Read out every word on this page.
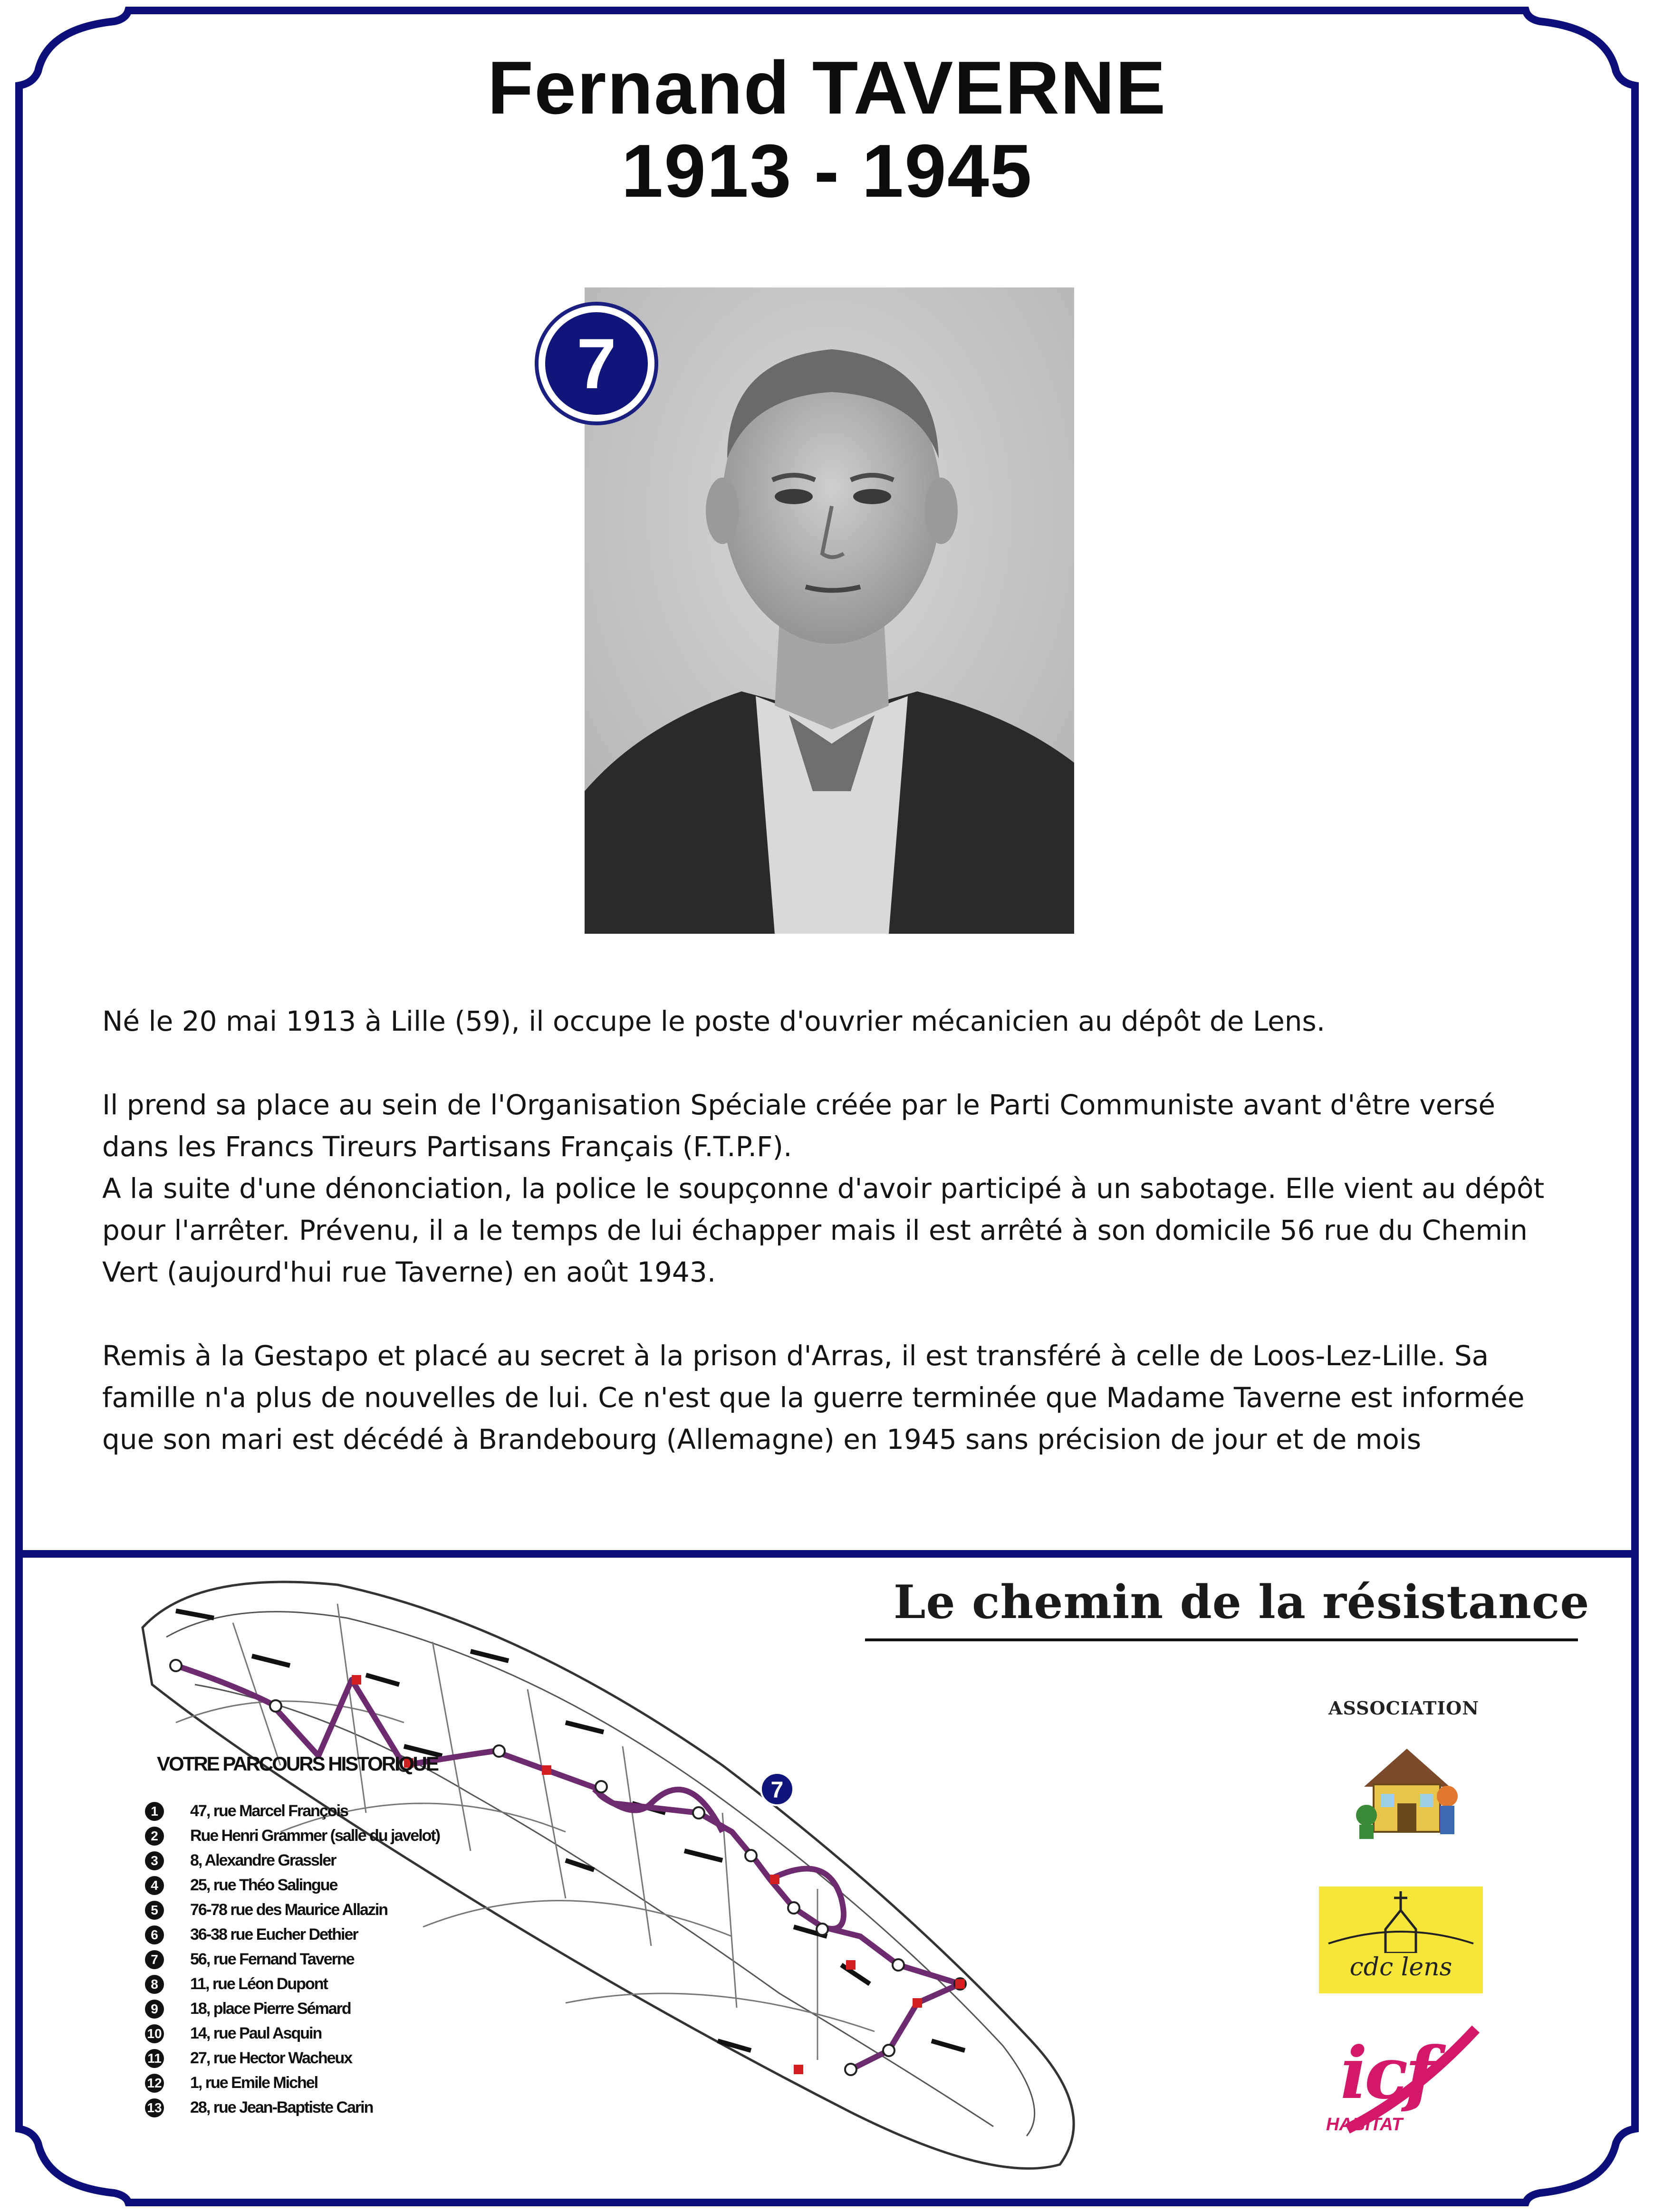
Fernand TAVERNE
1913 - 1945
7

Né le 20 mai 1913 à Lille (59), il occupe le poste d'ouvrier mécanicien au dépôt de Lens.

Il prend sa place au sein de l'Organisation Spéciale créée par le Parti Communiste avant d'être versé dans les Francs Tireurs Partisans Français (F.T.P.F).

A la suite d'une dénonciation, la police le soupçonne d'avoir participé à un sabotage. Elle vient au dépôt pour l'arrêter. Prévenu, il a le temps de lui échapper mais il est arrêté à son domicile 56 rue du Chemin Vert (aujourd'hui rue Taverne) en août 1943.

Remis à la Gestapo et placé au secret à la prison d'Arras, il est transféré à celle de Loos-Lez-Lille. Sa famille n'a plus de nouvelles de lui. Ce n'est que la guerre terminée que Madame Taverne est informée que son mari est décédé à Brandebourg (Allemagne) en 1945 sans précision de jour et de mois

7
Le chemin de la résistance
VOTRE PARCOURS HISTORIQUE
1	47, rue Marcel François
2	Rue Henri Grammer (salle du javelot)
3	8, Alexandre Grassler
4	25, rue Théo Salingue
5	76-78 rue des Maurice Allazin
6	36-38 rue Eucher Dethier
7	56, rue Fernand Taverne
8	11, rue Léon Dupont
9	18, place Pierre Sémard
10 14, rue Paul Asquin
11 27, rue Hector Wacheux
12 1, rue Emile Michel
13 28, rue Jean-Baptiste Carin
ASSOCIATION
cdc lens
icf
HABITAT
